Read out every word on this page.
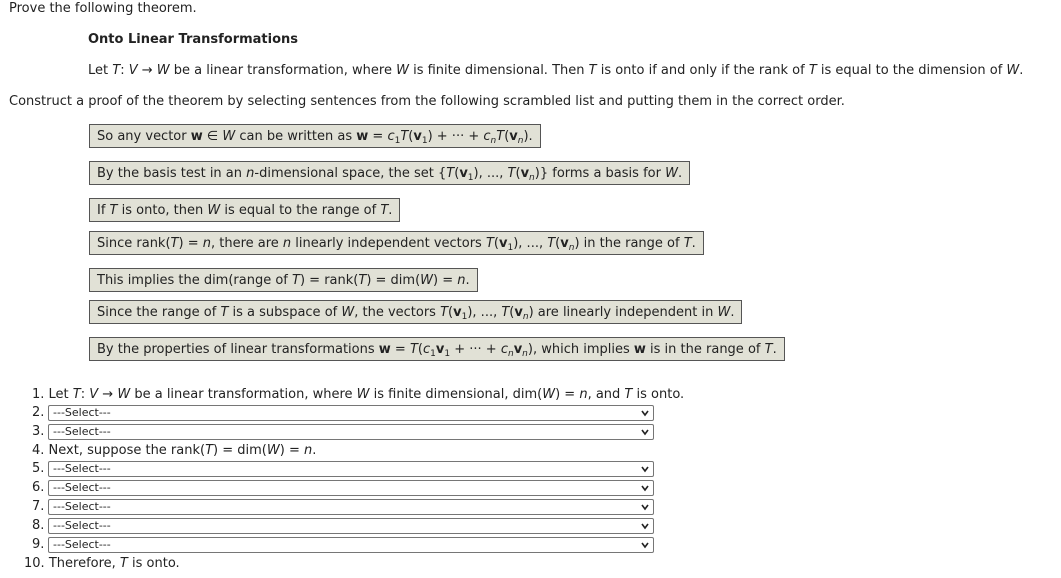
Prove the following theorem.
Onto Linear Transformations
Let T: V → W be a linear transformation, where W is finite dimensional. Then T is onto if and only if the rank of T is equal to the dimension of W.
Construct a proof of the theorem by selecting sentences from the following scrambled list and putting them in the correct order.
So any vector w ∈ W can be written as $w = c_1T(v_1)$ + ··· + $c_nT(v_n)$.
By the basis test in an n-dimensional space, the set {$T(v_1)$, ..., $T(v_n)$} forms a basis for W.
If T is onto, then W is equal to the range of T.
Since rank(T) = n, there are n linearly independent vectors $T(v_1)$, ..., $T(v_n)$ in the range of T.
This implies the dim(range of T) = rank(T) = dim(W) = n.
Since the range of T is a subspace of W, the vectors $T(v_1)$, ..., $T(v_n)$ are linearly independent in W.
By the properties of linear transformations $w = T(c_1v_1$ + ··· + $c_nv_n$), which implies w is in the range of T.
1. Let T: V → W be a linear transformation, where W is finite dimensional, dim(W) = n, and T is onto.
2. ---Select---
3. ---Select---
4. Next, suppose the rank(T) = dim(W) = n.
5. ---Select---
6. ---Select---
7. ---Select---
8. ---Select---
9. ---Select---
10. Therefore, T is onto.
